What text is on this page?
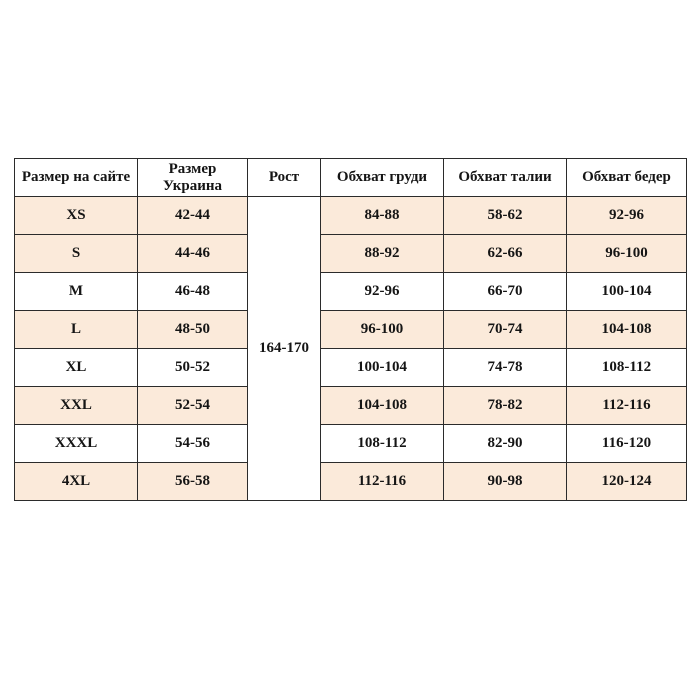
Размер на сайте	Размер Украина	Рост	Обхват груди	Обхват талии	Обхват бедер
XS	42-44	164-170	84-88	58-62	92-96
S	44-46		88-92	62-66	96-100
M	46-48		92-96	66-70	100-104
L	48-50		96-100	70-74	104-108
XL	50-52		100-104	74-78	108-112
XXL	52-54		104-108	78-82	112-116
XXXL	54-56		108-112	82-90	116-120
4XL	56-58		112-116	90-98	120-124
